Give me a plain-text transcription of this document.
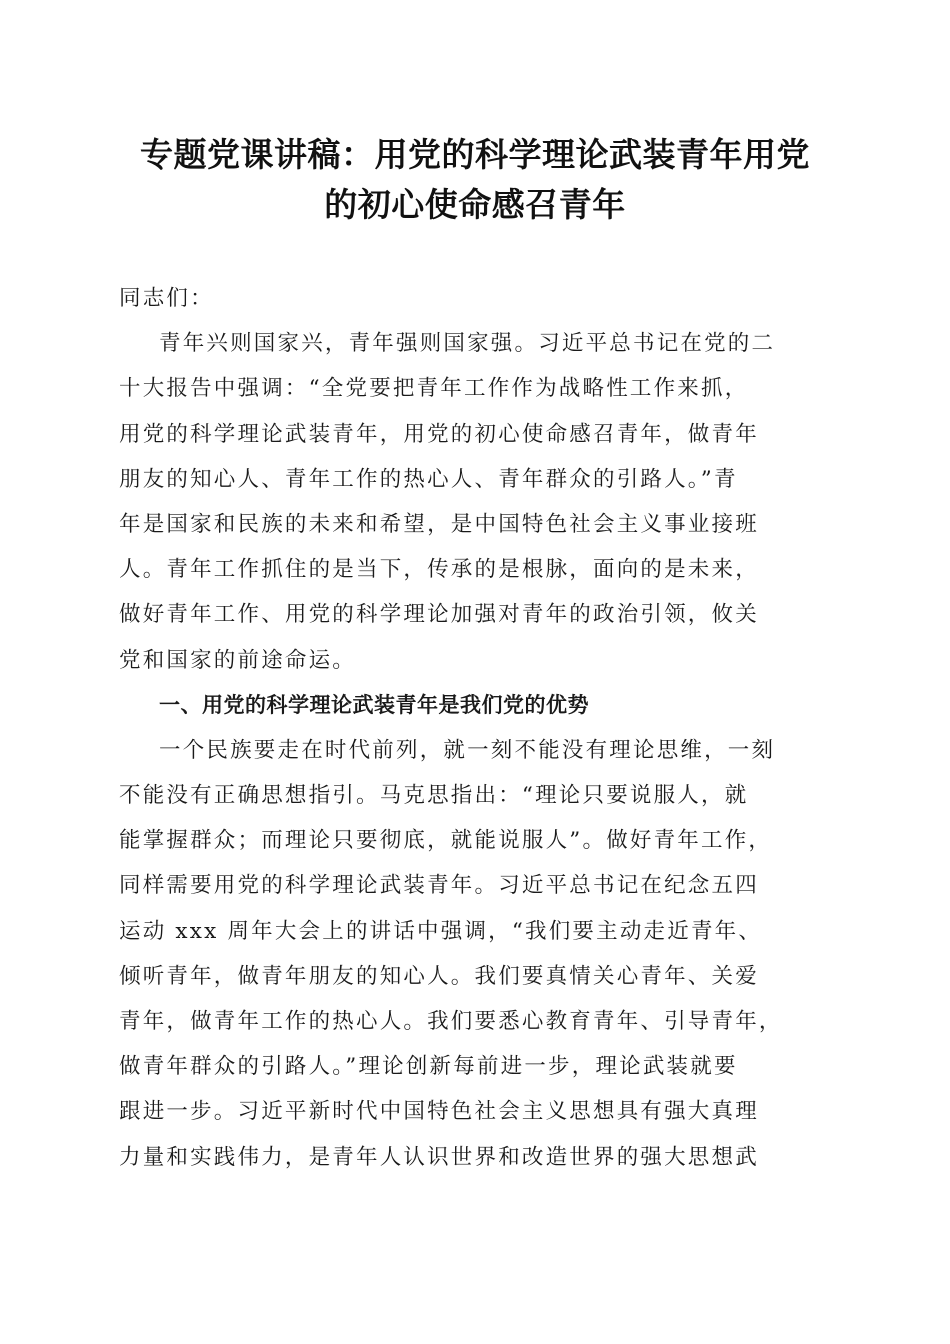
专题党课讲稿：用党的科学理论武装青年用党
的初心使命感召青年
同志们：
青年兴则国家兴，青年强则国家强。习近平总书记在党的二
十大报告中强调：“全党要把青年工作作为战略性工作来抓，
用党的科学理论武装青年，用党的初心使命感召青年，做青年
朋友的知心人、青年工作的热心人、青年群众的引路人。”青
年是国家和民族的未来和希望，是中国特色社会主义事业接班
人。青年工作抓住的是当下，传承的是根脉，面向的是未来，
做好青年工作、用党的科学理论加强对青年的政治引领，攸关
党和国家的前途命运。
一、用党的科学理论武装青年是我们党的优势
一个民族要走在时代前列，就一刻不能没有理论思维，一刻
不能没有正确思想指引。马克思指出：“理论只要说服人，就
能掌握群众；而理论只要彻底，就能说服人”。做好青年工作，
同样需要用党的科学理论武装青年。习近平总书记在纪念五四
运动 xxx 周年大会上的讲话中强调，“我们要主动走近青年、
倾听青年，做青年朋友的知心人。我们要真情关心青年、关爱
青年，做青年工作的热心人。我们要悉心教育青年、引导青年，
做青年群众的引路人。”理论创新每前进一步，理论武装就要
跟进一步。习近平新时代中国特色社会主义思想具有强大真理
力量和实践伟力，是青年人认识世界和改造世界的强大思想武
